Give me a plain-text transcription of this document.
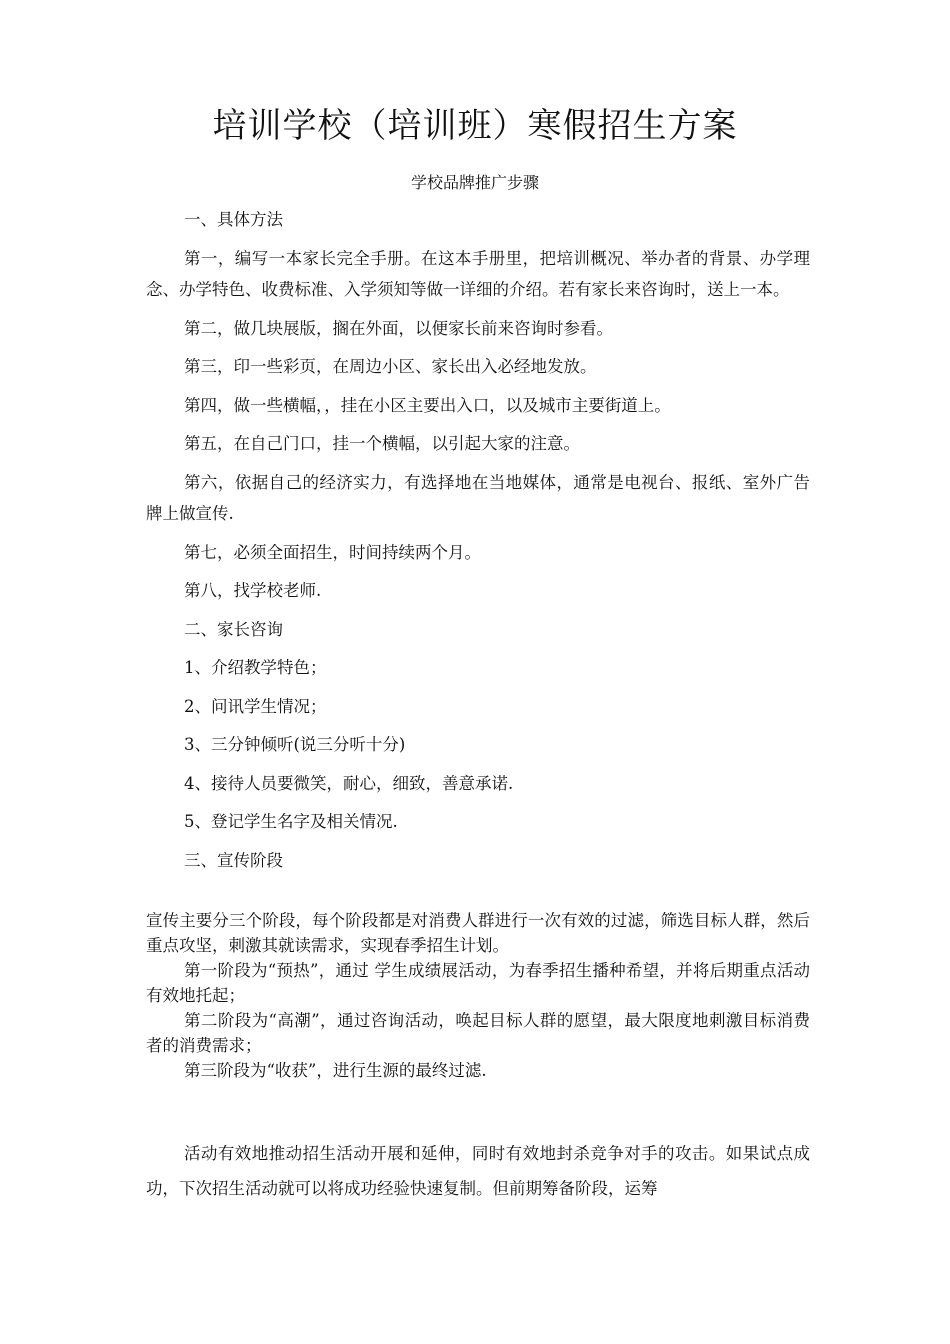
培训学校（培训班）寒假招生方案
学校品牌推广步骤

一、具体方法

第一，编写一本家长完全手册。在这本手册里，把培训概况、举办者的背景、办学理念、办学特色、收费标准、入学须知等做一详细的介绍。若有家长来咨询时，送上一本。

第二，做几块展版，搁在外面，以便家长前来咨询时参看。

第三，印一些彩页，在周边小区、家长出入必经地发放。

第四，做一些横幅，，挂在小区主要出入口，以及城市主要街道上。

第五，在自己门口，挂一个横幅，以引起大家的注意。

第六，依据自己的经济实力，有选择地在当地媒体，通常是电视台、报纸、室外广告牌上做宣传.

第七，必须全面招生，时间持续两个月。

第八，找学校老师.

二、家长咨询

1、介绍教学特色；

2、问讯学生情况；

3、三分钟倾听(说三分听十分)

4、接待人员要微笑，耐心，细致，善意承诺.

5、登记学生名字及相关情况.

三、宣传阶段

宣传主要分三个阶段，每个阶段都是对消费人群进行一次有效的过滤，筛选目标人群，然后重点攻坚，刺激其就读需求，实现春季招生计划。

第一阶段为“预热”，通过 学生成绩展活动，为春季招生播种希望，并将后期重点活动有效地托起；

第二阶段为“高潮”，通过咨询活动，唤起目标人群的愿望，最大限度地刺激目标消费者的消费需求；

第三阶段为“收获”，进行生源的最终过滤.

活动有效地推动招生活动开展和延伸，同时有效地封杀竞争对手的攻击。如果试点成功，下次招生活动就可以将成功经验快速复制。但前期筹备阶段，运筹
